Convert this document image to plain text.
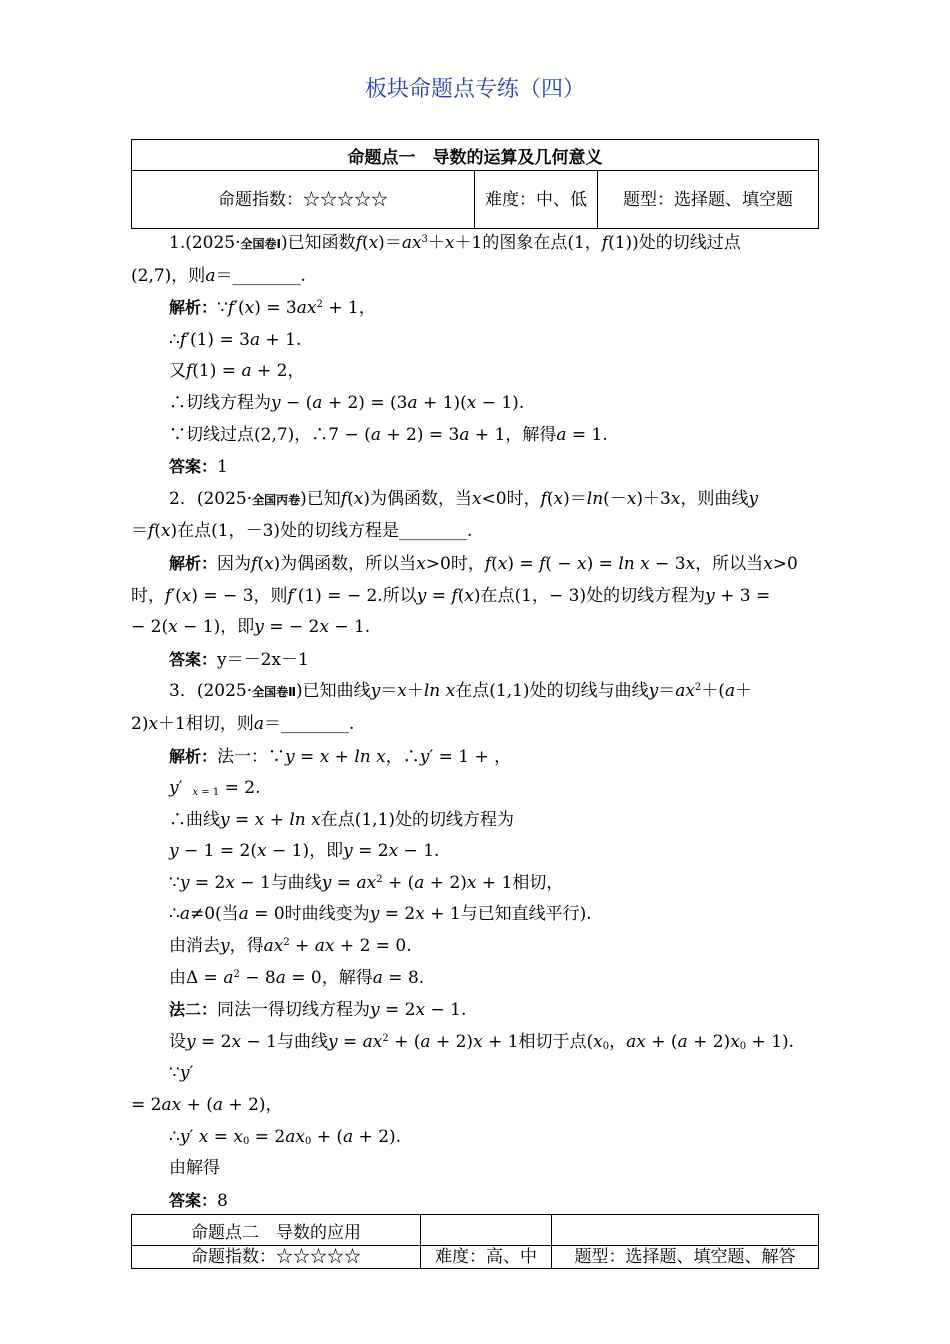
板块命题点专练（四）
命题点一　导数的运算及几何意义
命题指数：☆☆☆☆☆	难度：中、低	题型：选择题、填空题

1.(2025·全国卷Ⅰ)已知函数$f(x)=ax^3+x+1$的图象在点(1，f(1))处的切线过点

(2,7)，则a＝________.

解析：∵f′(x) = $3ax^2 + 1$，

∴f′(1) = 3a + 1.

又f(1) = a + 2，

∴切线方程为y − (a + 2) = (3a + 1)(x − 1).

∵切线过点(2,7)，∴7 − (a + 2) = 3a + 1，解得a = 1.

答案：1

2．(2025·全国丙卷)已知f(x)为偶函数，当x<0时，f(x)＝ln(－x)＋3x，则曲线y

＝f(x)在点(1，－3)处的切线方程是________.

解析：因为f(x)为偶函数，所以当x>0时，f(x) = f( − x) = ln x − 3x，所以当x>0

时，f′(x) = − 3，则f′(1) = − 2.所以y = f(x)在点(1，− 3)处的切线方程为y + 3 =

− 2(x − 1)，即y = − 2x − 1.

答案：y＝－2x－1

3．(2025·全国卷Ⅱ)已知曲线y＝x＋ln x在点(1,1)处的切线与曲线$y=ax^2+(a+$

2)x＋1相切，则a＝________.

解析：法一：∵y = x + ln x，∴y′ = 1 + ，

y′　 $_{x = 1}$ = 2.

∴曲线y = x + ln x在点(1,1)处的切线方程为

y − 1 = 2(x − 1)，即y = 2x − 1.

∵y = 2x − 1与曲线$y = ax^2 + (a + 2)x + 1$相切，

∴a≠0(当a = 0时曲线变为y = 2x + 1与已知直线平行).

由消去y，得$ax^2$ + ax + 2 = 0.

由$\Delta = a^2 - 8a = 0$，解得a = 8.

法二：同法一得切线方程为y = 2x − 1.

设y = 2x − 1与曲线$y = ax^2 + (a + 2)x + 1$相切于点($x_0$，ax + $(a + 2)x_0 + 1$). ∵y′

= 2ax + (a + 2)，

∴y′ $x = x_0 = 2ax_0 + (a + 2)$.

由解得

答案：8

命题点二　导数的应用		
命题指数：☆☆☆☆☆	难度：高、中	题型：选择题、填空题、解答
